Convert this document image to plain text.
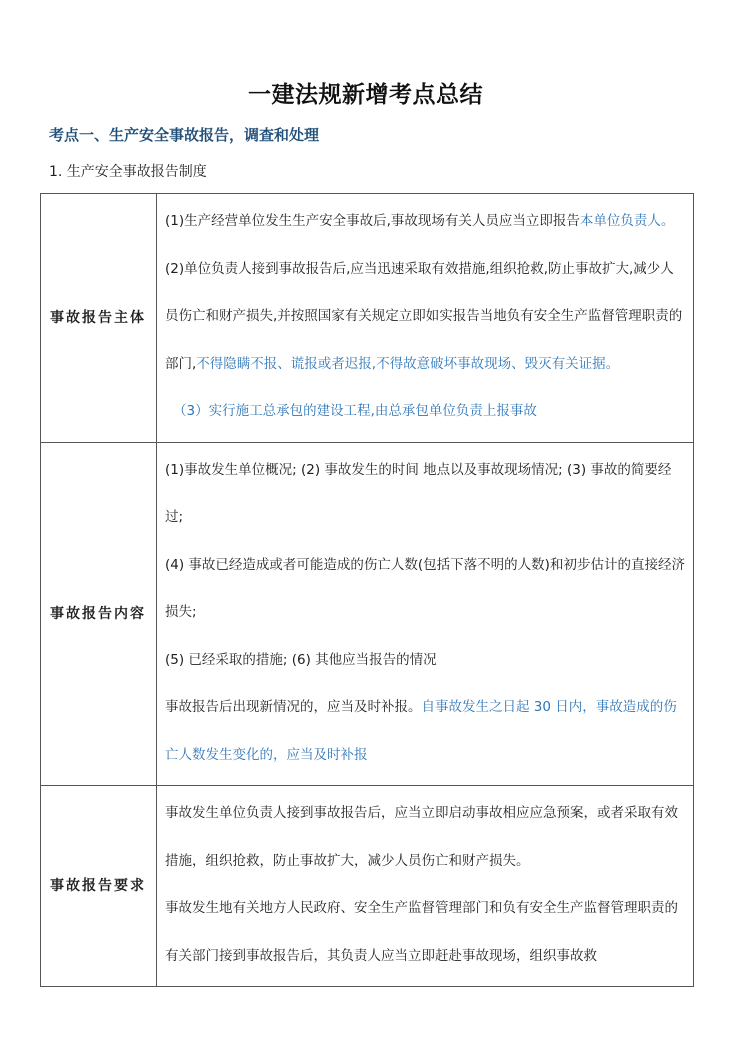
一建法规新增考点总结
考点一、生产安全事故报告，调查和处理
1. 生产安全事故报告制度
事故报告主体	(1)生产经营单位发生生产安全事故后,事故现场有关人员应当立即报告本单位负责人。

(2)单位负责人接到事故报告后,应当迅速采取有效措施,组织抢救,防止事故扩大,减少人员伤亡和财产损失,并按照国家有关规定立即如实报告当地负有安全生产监督管理职责的部门,不得隐瞒不报、谎报或者迟报,不得故意破坏事故现场、毁灭有关证据。

（3）实行施工总承包的建设工程,由总承包单位负责上报事故

事故报告内容	(1)事故发生单位概况; (2) 事故发生的时间 地点以及事故现场情况; (3) 事故的简要经过;

(4) 事故已经造成或者可能造成的伤亡人数(包括下落不明的人数)和初步估计的直接经济损失;

(5) 已经采取的措施; (6) 其他应当报告的情况

事故报告后出现新情况的，应当及时补报。自事故发生之日起 30 日内，事故造成的伤亡人数发生变化的，应当及时补报

事故报告要求	事故发生单位负责人接到事故报告后，应当立即启动事故相应应急预案，或者采取有效措施，组织抢救，防止事故扩大，减少人员伤亡和财产损失。

事故发生地有关地方人民政府、安全生产监督管理部门和负有安全生产监督管理职责的有关部门接到事故报告后，其负责人应当立即赶赴事故现场，组织事故救
